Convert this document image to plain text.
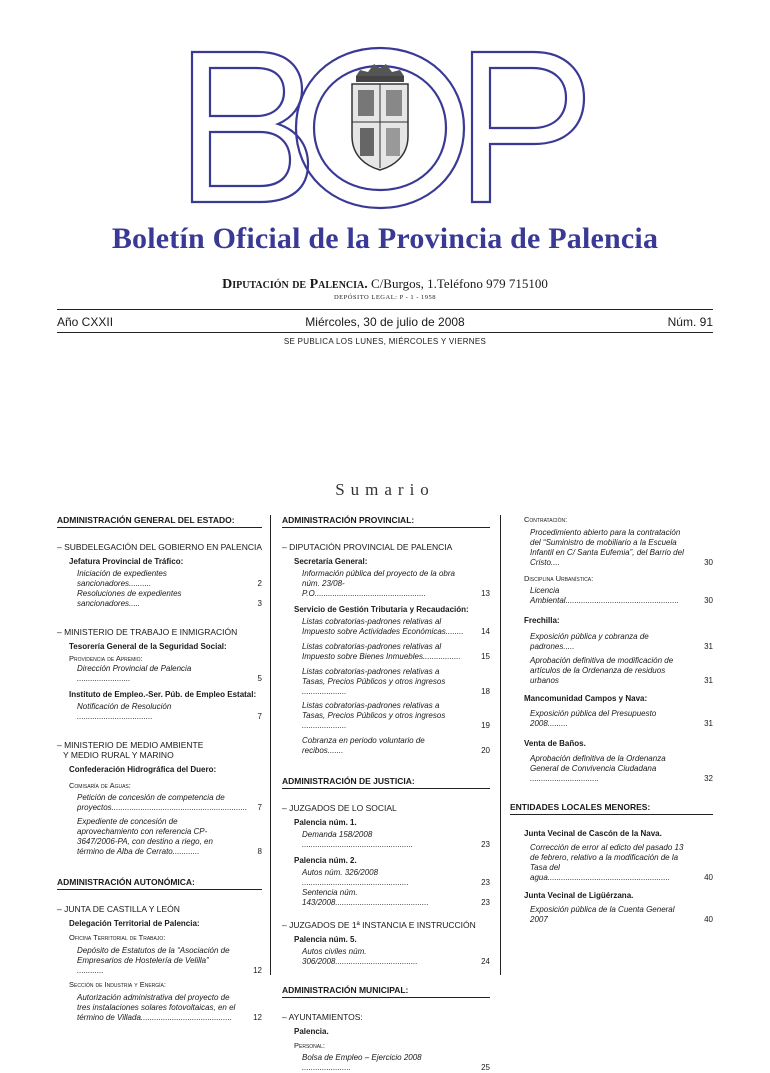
Boletín Oficial de la Provincia de Palencia
Diputación de Palencia. C/Burgos, 1.Teléfono 979 715100
DEPÓSITO LEGAL: P - 1 - 1958
Año CXXII	Miércoles, 30 de julio de 2008	Núm. 91
SE PUBLICA LOS LUNES, MIÉRCOLES Y VIERNES
Sumario
ADMINISTRACIÓN GENERAL DEL ESTADO:
– SUBDELEGACIÓN DEL GOBIERNO EN PALENCIA
Jefatura Provincial de Tráfico:
Iniciación de expedientes sancionadores..........	2
Resoluciones de expedientes sancionadores.....	3
– MINISTERIO DE TRABAJO E INMIGRACIÓN
Tesorería General de la Seguridad Social:
Providencia de Apremio:
Dirección Provincial de Palencia ........................	5
Instituto de Empleo.-Ser. Púb. de Empleo Estatal:
Notificación de Resolución ..................................	7
– MINISTERIO DE MEDIO AMBIENTE
Y MEDIO RURAL Y MARINO
Confederación Hidrográfica del Duero:
Comisaría de Aguas:
Petición de concesión de competencia de proyectos............................................................. 7
Expediente de concesión de aprovechamiento con referencia CP-3647/2006-PA, con destino a riego, en término de Alba de Cerrato............	8
ADMINISTRACIÓN AUTONÓMICA:
– JUNTA DE CASTILLA Y LEÓN
Delegación Territorial de Palencia:
Oficina Territorial de Trabajo:
Depósito de Estatutos de la “Asociación de Empresarios de Hostelería de Velilla” ............	12
Sección de Industria y Energía:
Autorización administrativa del proyecto de tres instalaciones solares fotovoltaicas, en el término de Villada.........................................	12
ADMINISTRACIÓN PROVINCIAL:
– DIPUTACIÓN PROVINCIAL DE PALENCIA
Secretaría General:
Información pública del proyecto de la obra núm. 23/08-P.O..................................................	13
Servicio de Gestión Tributaria y Recaudación:
Listas cobratorias-padrones relativas al Impuesto sobre Actividades Económicas........ 14
Listas cobratorias-padrones relativas al Impuesto sobre Bienes Inmuebles.................	15
Listas cobratorias-padrones relativas a Tasas, Precios Públicos y otros ingresos ....................	18
Listas cobratorias-padrones relativas a Tasas, Precios Públicos y otros ingresos ....................	19
Cobranza en periodo voluntario de recibos.......	20
ADMINISTRACIÓN DE JUSTICIA:
– JUZGADOS DE LO SOCIAL
Palencia núm. 1.
Demanda 158/2008 ..................................................	23
Palencia núm. 2.
Autos núm. 326/2008 ................................................	23
Sentencia núm. 143/2008..........................................	23
– JUZGADOS DE 1ª INSTANCIA E INSTRUCCIÓN
Palencia núm. 5.
Autos civiles núm. 306/2008.....................................	24
ADMINISTRACIÓN MUNICIPAL:
– AYUNTAMIENTOS:
Palencia.
Personal:
Bolsa de Empleo – Ejercicio 2008 ......................	25
Contratación:
Procedimiento abierto para la contratación del “Suministro de mobiliario a la Escuela Infantil en C/ Santa Eufemia”, del Barrio del Cristo....	30
Disciplina Urbanística:
Licencia Ambiental...................................................	30
Frechilla:
Exposición pública y cobranza de padrones.....	31
Aprobación definitiva de modificación de artículos de la Ordenanza de residuos urbanos	31
Mancomunidad Campos y Nava:
Exposición pública del Presupuesto 2008.........	31
Venta de Baños.
Aprobación definitiva de la Ordenanza General de Convivencia Ciudadana ...............................	32
ENTIDADES LOCALES MENORES:
Junta Vecinal de Cascón de la Nava.
Corrección de error al edicto del pasado 13 de febrero, relativo a la modificación de la Tasa del agua.......................................................	40
Junta Vecinal de Ligüérzana.
Exposición pública de la Cuenta General 2007	40
